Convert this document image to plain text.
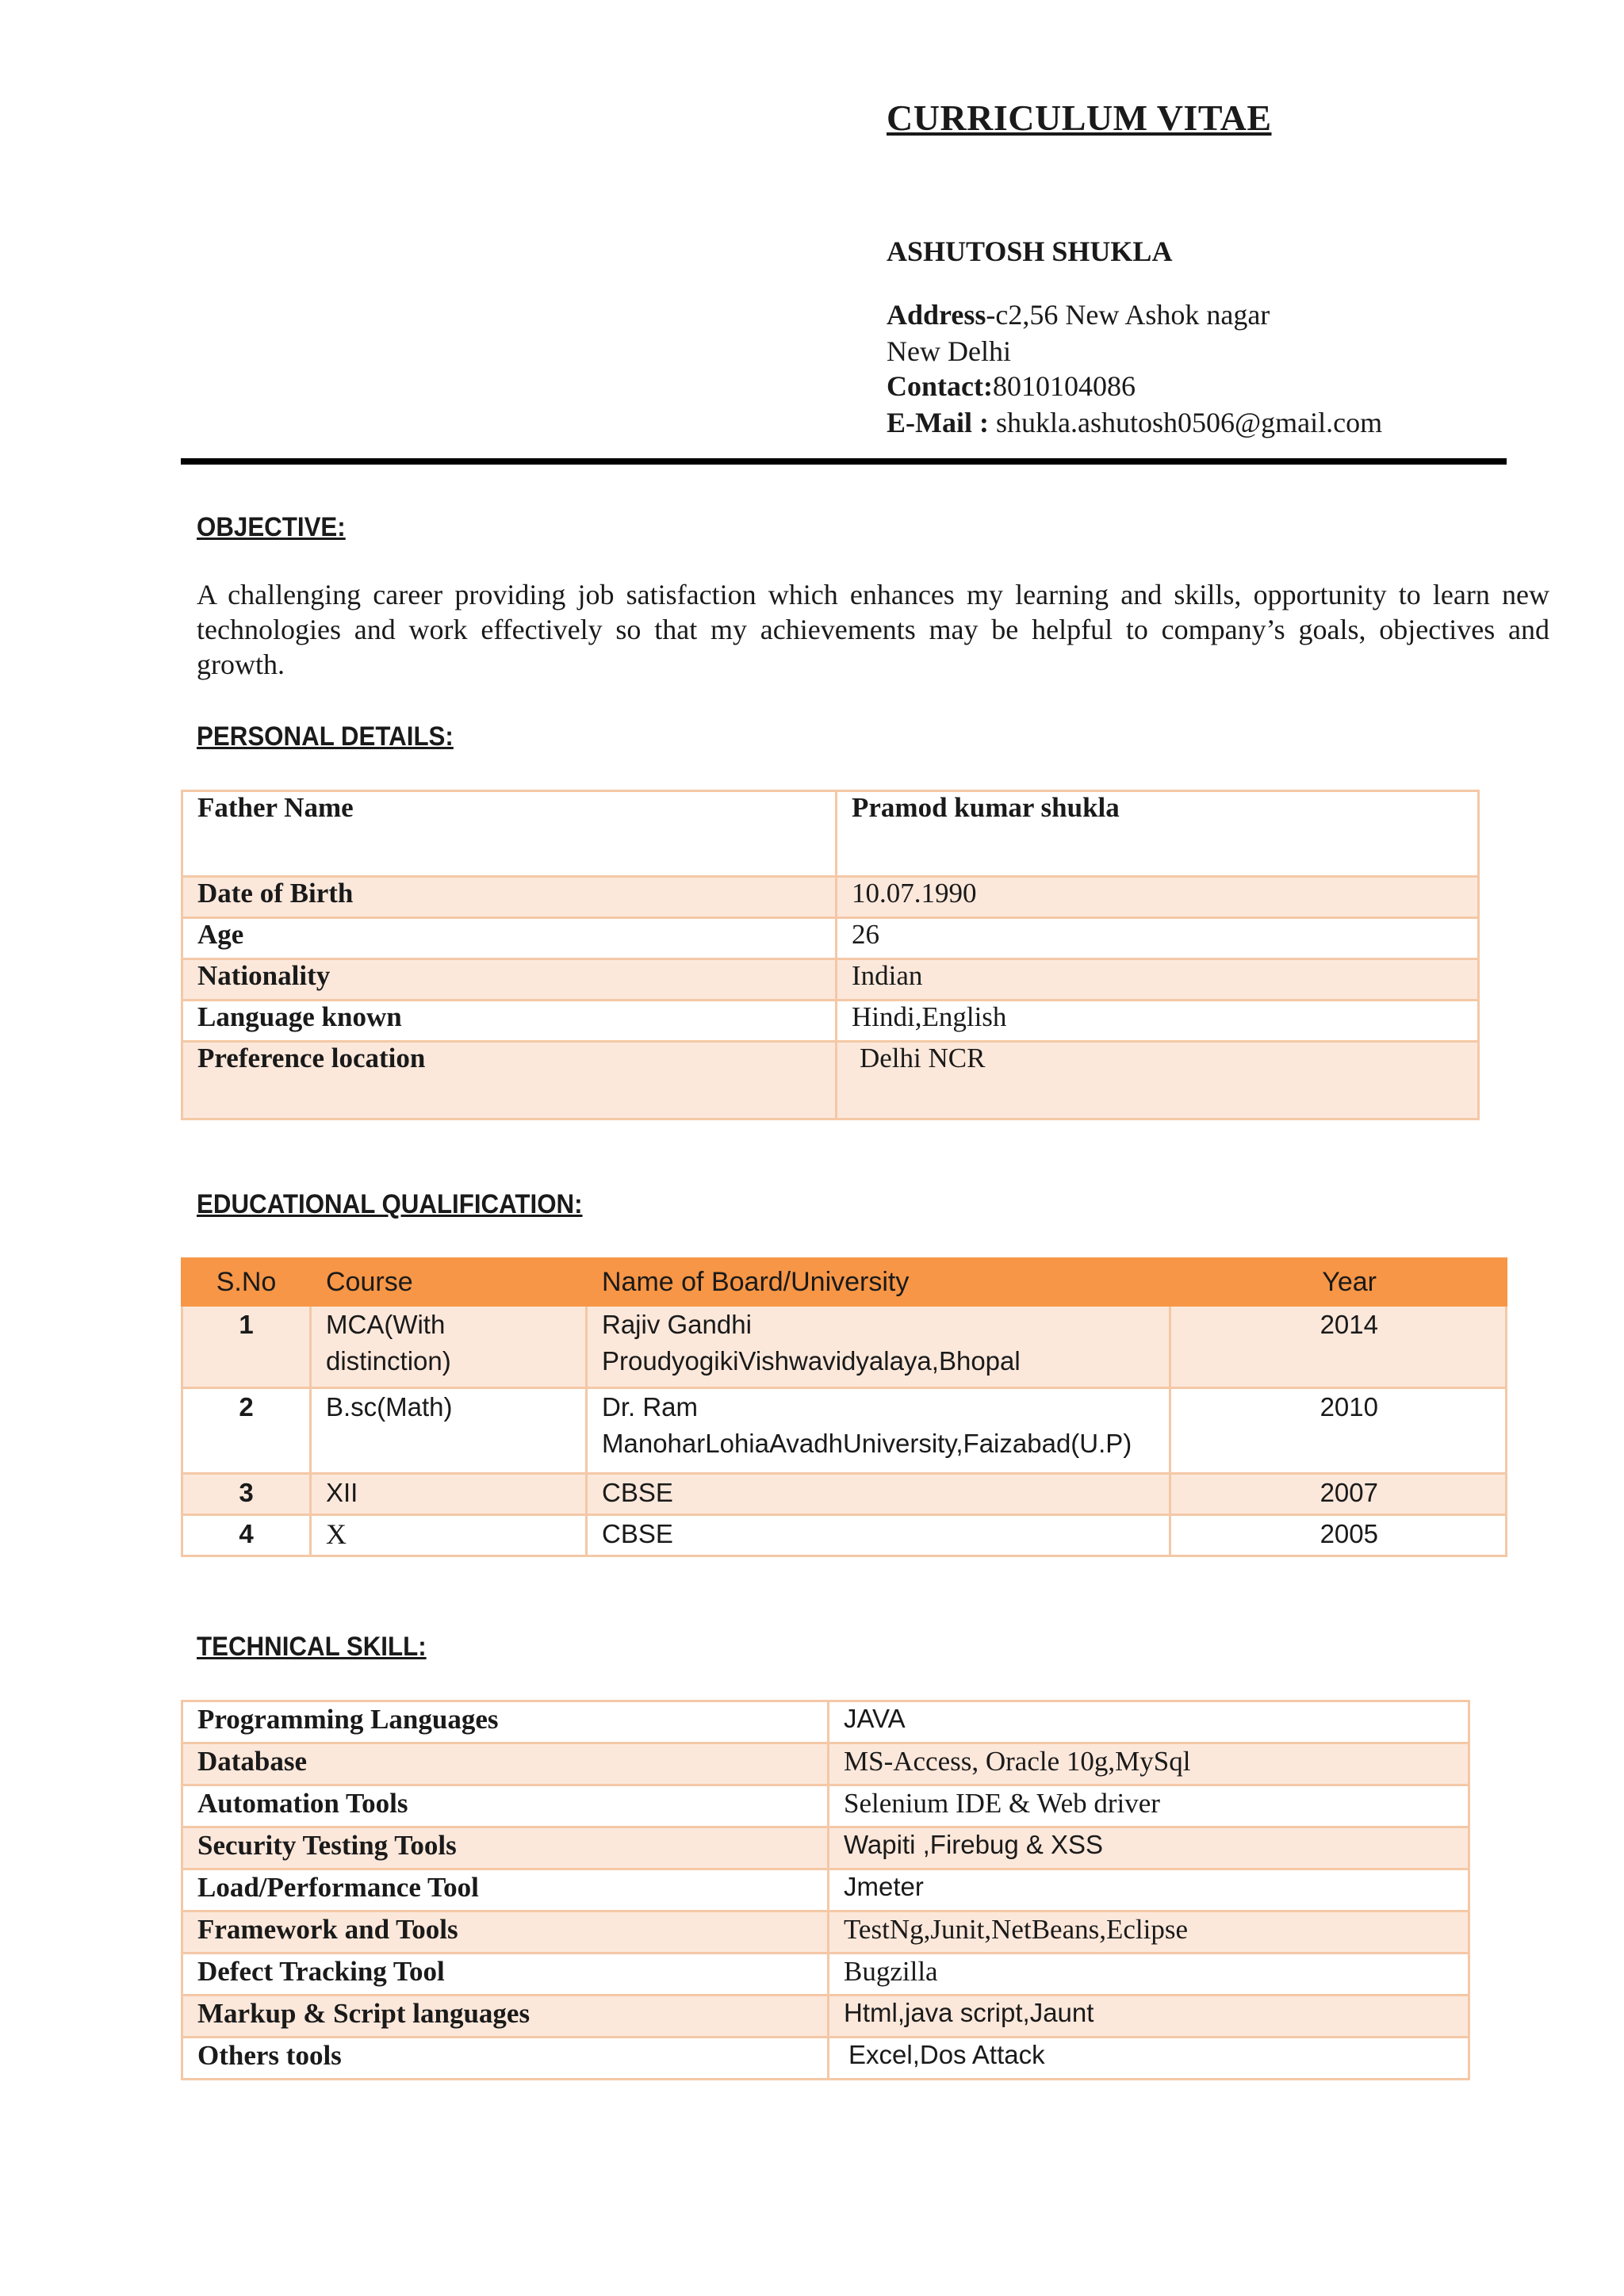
CURRICULUM VITAE
ASHUTOSH SHUKLA
Address-c2,56 New Ashok nagar
New Delhi
Contact:8010104086
E-Mail : shukla.ashutosh0506@gmail.com
OBJECTIVE:
A challenging career providing job satisfaction which enhances my learning and skills, opportunity to learn new technologies and work effectively so that my achievements may be helpful to company’s goals, objectives and growth.
PERSONAL DETAILS:
Father Name	Pramod kumar shukla
Date of Birth	10.07.1990
Age	26
Nationality	Indian
Language known	Hindi,English
Preference location	Delhi NCR
EDUCATIONAL QUALIFICATION:
S.No	Course	Name of Board/University	Year
1	MCA(With distinction)	Rajiv Gandhi ProudyogikiVishwavidyalaya,Bhopal	2014
2	B.sc(Math)	Dr. Ram ManoharLohiaAvadhUniversity,Faizabad(U.P)	2010
3	XII	CBSE	2007
4	X	CBSE	2005
TECHNICAL SKILL:
Programming Languages	JAVA
Database	MS-Access, Oracle 10g,MySql
Automation Tools	Selenium IDE & Web driver
Security Testing Tools	Wapiti ,Firebug & XSS
Load/Performance Tool	Jmeter
Framework and Tools	TestNg,Junit,NetBeans,Eclipse
Defect Tracking Tool	Bugzilla
Markup & Script languages	Html,java script,Jaunt
Others tools	Excel,Dos Attack
